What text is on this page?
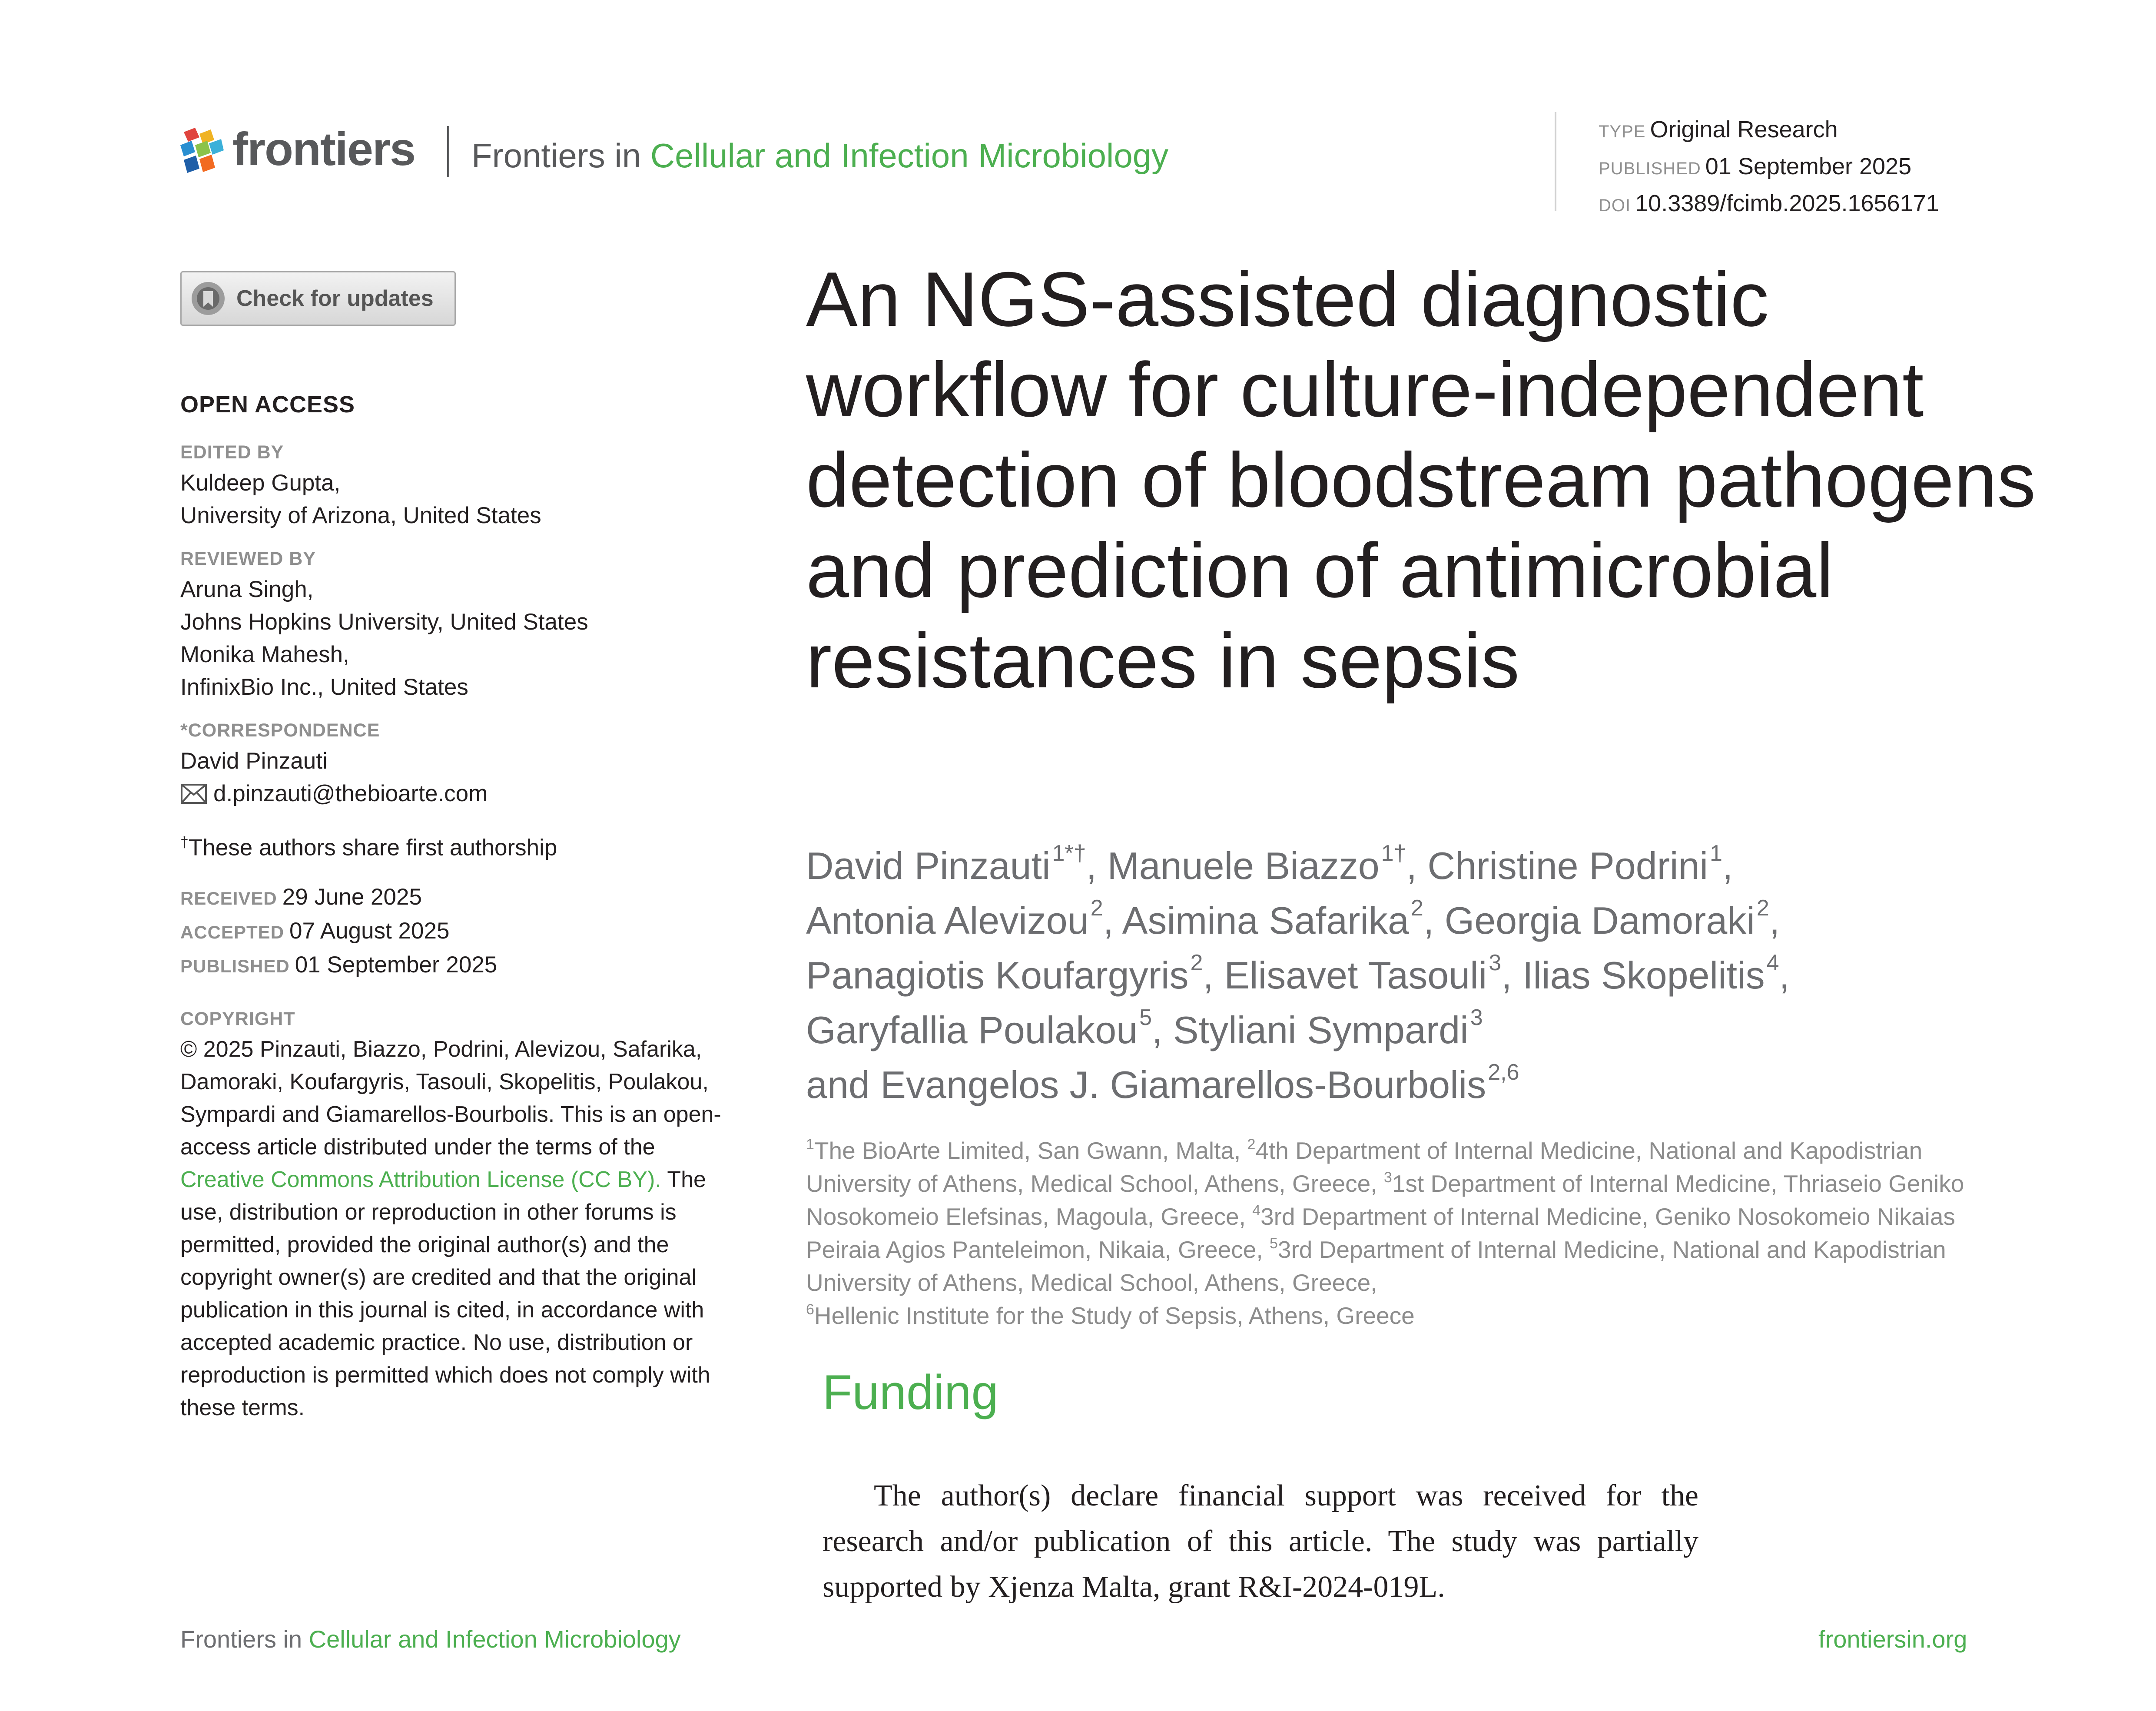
frontiers Frontiers in Cellular and Infection Microbiology
TYPE Original Research
PUBLISHED 01 September 2025
DOI 10.3389/fcimb.2025.1656171
Check for updates
OPEN ACCESS
EDITED BY
Kuldeep Gupta,
University of Arizona, United States
REVIEWED BY
Aruna Singh,
Johns Hopkins University, United States
Monika Mahesh,
InfinixBio Inc., United States
*CORRESPONDENCE
David Pinzauti
d.pinzauti@thebioarte.com
†These authors share first authorship
RECEIVED 29 June 2025
ACCEPTED 07 August 2025
PUBLISHED 01 September 2025
COPYRIGHT
© 2025 Pinzauti, Biazzo, Podrini, Alevizou, Safarika, Damoraki, Koufargyris, Tasouli, Skopelitis, Poulakou, Sympardi and Giamarellos-Bourbolis. This is an open-access article distributed under the terms of the Creative Commons Attribution License (CC BY). The use, distribution or reproduction in other forums is permitted, provided the original author(s) and the copyright owner(s) are credited and that the original publication in this journal is cited, in accordance with accepted academic practice. No use, distribution or reproduction is permitted which does not comply with these terms.
An NGS-assisted diagnostic workflow for culture-independent detection of bloodstream pathogens and prediction of antimicrobial resistances in sepsis
David Pinzauti$^{1*\dagger}$, Manuele Biazzo$^{1\dagger}$, Christine Podrini$^1$,
Antonia Alevizou$^2$, Asimina Safarika$^2$, Georgia Damoraki$^2$,
Panagiotis Koufargyris$^2$, Elisavet Tasouli$^3$, Ilias Skopelitis$^4$,
Garyfallia Poulakou$^5$, Styliani Sympardi$^3$
and Evangelos J. Giamarellos-Bourbolis$^{2,6}$
$^1$The BioArte Limited, San Gwann, Malta, $^2$4th Department of Internal Medicine, National and Kapodistrian University of Athens, Medical School, Athens, Greece, $^3$1st Department of Internal Medicine, Thriaseio Geniko Nosokomeio Elefsinas, Magoula, Greece, $^4$3rd Department of Internal Medicine, Geniko Nosokomeio Nikaias Peiraia Agios Panteleimon, Nikaia, Greece, $^5$3rd Department of Internal Medicine, National and Kapodistrian University of Athens, Medical School, Athens, Greece,
$^6$Hellenic Institute for the Study of Sepsis, Athens, Greece
Funding
The author(s) declare financial support was received for the research and/or publication of this article. The study was partially supported by Xjenza Malta, grant R&I-2024-019L.
Frontiers in Cellular and Infection Microbiology	frontiersin.org
